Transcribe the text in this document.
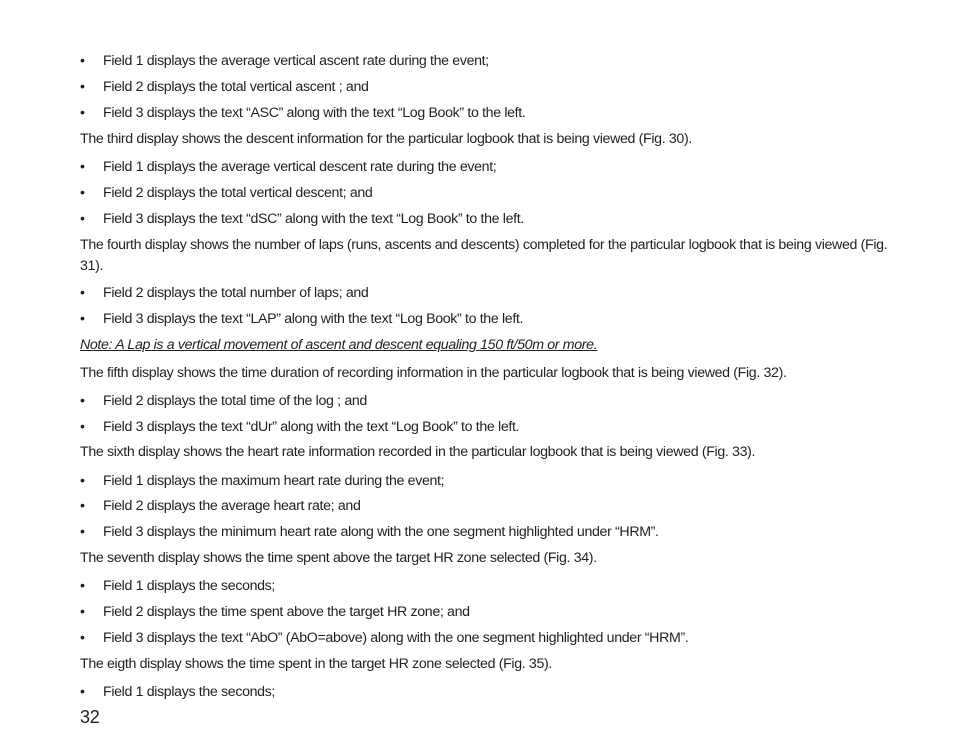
• Field 1 displays the average vertical ascent rate during the event;
• Field 2 displays the total vertical ascent ; and
• Field 3 displays the text “ASC” along with the text “Log Book” to the left.
The third display shows the descent information for the particular logbook that is being viewed (Fig. 30).
• Field 1 displays the average vertical descent rate during the event;
• Field 2 displays the total vertical descent; and
• Field 3 displays the text “dSC” along with the text “Log Book” to the left.
The fourth display shows the number of laps (runs, ascents and descents) completed for the particular logbook that is being viewed (Fig. 31).
• Field 2 displays the total number of laps; and
• Field 3 displays the text “LAP” along with the text “Log Book” to the left.
Note: A Lap is a vertical movement of ascent and descent equaling 150 ft/50m or more.
The fifth display shows the time duration of recording information in the particular logbook that is being viewed (Fig. 32).
• Field 2 displays the total time of the log ; and
• Field 3 displays the text “dUr” along with the text “Log Book” to the left.
The sixth display shows the heart rate information recorded in the particular logbook that is being viewed (Fig. 33).
• Field 1 displays the maximum heart rate during the event;
• Field 2 displays the average heart rate; and
• Field 3 displays the minimum heart rate along with the one segment highlighted under “HRM”.
The seventh display shows the time spent above the target HR zone selected (Fig. 34).
• Field 1 displays the seconds;
• Field 2 displays the time spent above the target HR zone; and
• Field 3 displays the text “AbO” (AbO=above) along with the one segment highlighted under “HRM”.
The eigth display shows the time spent in the target HR zone selected (Fig. 35).
• Field 1 displays the seconds;
32
